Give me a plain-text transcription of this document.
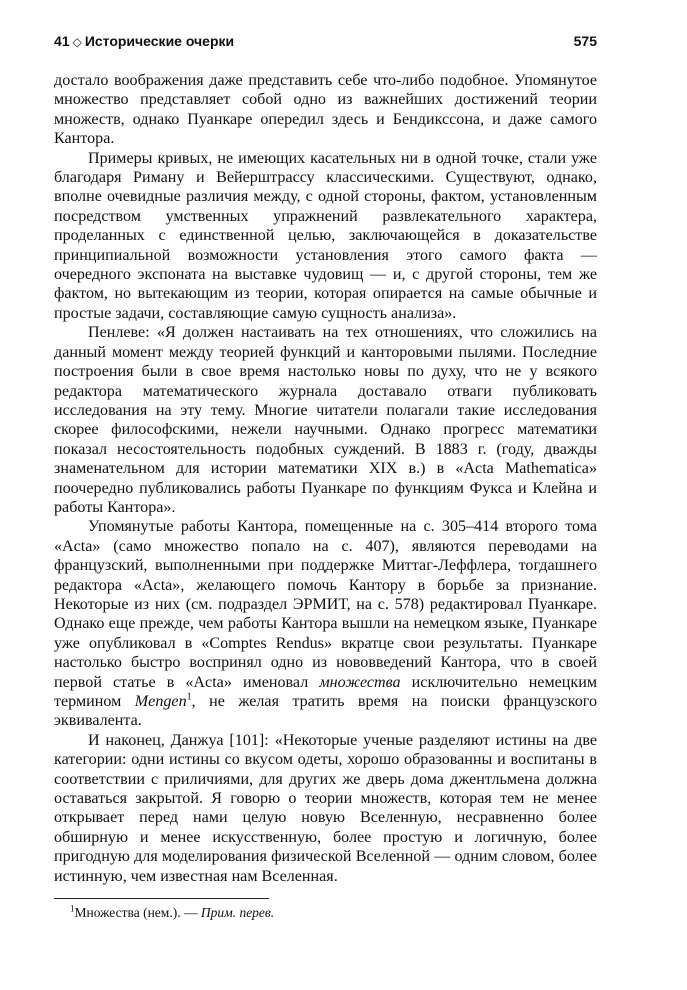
41 ◇ Исторические очерки	575

достало воображения даже представить себе что-либо подобное. Упомянутое множество представляет собой одно из важнейших достижений теории множеств, однако Пуанкаре опередил здесь и Бендикссона, и даже самого Кантора.

Примеры кривых, не имеющих касательных ни в одной точке, стали уже благодаря Риману и Вейерштрассу классическими. Существуют, однако, вполне очевидные различия между, с одной стороны, фактом, установленным посредством умственных упражнений развлекательного характера, проделанных с единственной целью, заключающейся в доказательстве принципиальной возможности установления этого самого факта — очередного экспоната на выставке чудовищ — и, с другой стороны, тем же фактом, но вытекающим из теории, которая опирается на самые обычные и простые задачи, составляющие самую сущность анализа».

Пенлеве: «Я должен настаивать на тех отношениях, что сложились на данный момент между теорией функций и канторовыми пылями. Последние построения были в свое время настолько новы по духу, что не у всякого редактора математического журнала доставало отваги публиковать исследования на эту тему. Многие читатели полагали такие исследования скорее философскими, нежели научными. Однако прогресс математики показал несостоятельность подобных суждений. В 1883 г. (году, дважды знаменательном для истории математики XIX в.) в «Acta Mathematica» поочередно публиковались работы Пуанкаре по функциям Фукса и Клейна и работы Кантора».

Упомянутые работы Кантора, помещенные на с. 305–414 второго тома «Acta» (само множество попало на с. 407), являются переводами на французский, выполненными при поддержке Миттаг-Леффлера, тогдашнего редактора «Acta», желающего помочь Кантору в борьбе за признание. Некоторые из них (см. подраздел ЭРМИТ, на с. 578) редактировал Пуанкаре. Однако еще прежде, чем работы Кантора вышли на немецком языке, Пуанкаре уже опубликовал в «Comptes Rendus» вкратце свои результаты. Пуанкаре настолько быстро воспринял одно из нововведений Кантора, что в своей первой статье в «Acta» именовал множества исключительно немецким термином Mengen$^1$, не желая тратить время на поиски французского эквивалента.

И наконец, Данжуа [101]: «Некоторые ученые разделяют истины на две категории: одни истины со вкусом одеты, хорошо образованны и воспитаны в соответствии с приличиями, для других же дверь дома джентльмена должна оставаться закрытой. Я говорю о теории множеств, которая тем не менее открывает перед нами целую новую Вселенную, несравненно более обширную и менее искусственную, более простую и логичную, более пригодную для моделирования физической Вселенной — одним словом, более истинную, чем известная нам Вселенная.

$^1$Множества (нем.). — Прим. перев.
